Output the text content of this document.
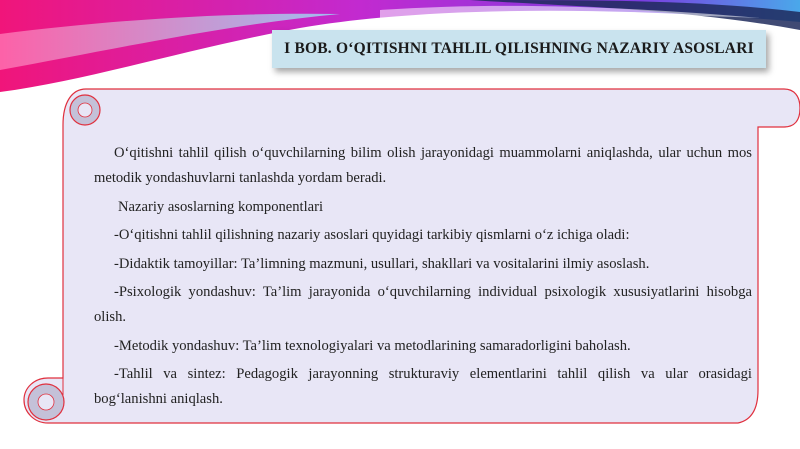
I BOB. O‘QITISHNI TAHLIL QILISHNING NAZARIY ASOSLARI

O‘qitishni tahlil qilish o‘quvchilarning bilim olish jarayonidagi muammolarni aniqlashda, ular uchun mos metodik yondashuvlarni tanlashda yordam beradi.

Nazariy asoslarning komponentlari

-O‘qitishni tahlil qilishning nazariy asoslari quyidagi tarkibiy qismlarni o‘z ichiga oladi:

-Didaktik tamoyillar: Ta’limning mazmuni, usullari, shakllari va vositalarini ilmiy asoslash.

-Psixologik yondashuv: Ta’lim jarayonida o‘quvchilarning individual psixologik xususiyatlarini hisobga olish.

-Metodik yondashuv: Ta’lim texnologiyalari va metodlarining samaradorligini baholash.

-Tahlil va sintez: Pedagogik jarayonning strukturaviy elementlarini tahlil qilish va ular orasidagi bog‘lanishni aniqlash.
